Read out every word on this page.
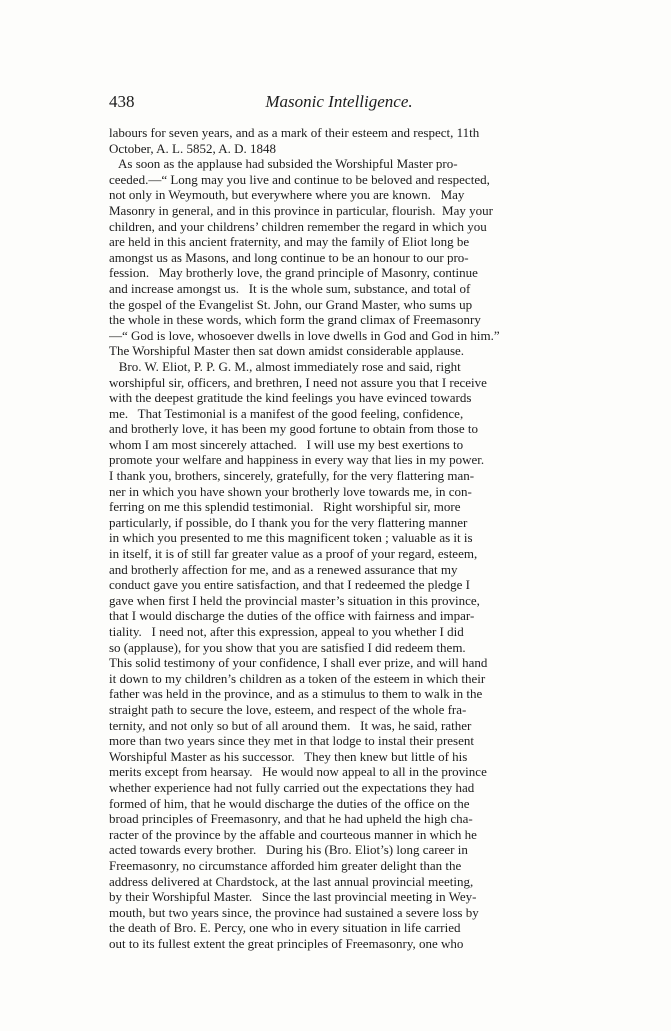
438	Masonic Intelligence.
labours for seven years, and as a mark of their esteem and respect, 11th
October, A. L. 5852, A. D. 1848
As soon as the applause had subsided the Worshipful Master pro-
ceeded.—“ Long may you live and continue to be beloved and respected,
not only in Weymouth, but everywhere where you are known.   May
Masonry in general, and in this province in particular, flourish.  May your
children, and your childrens’ children remember the regard in which you
are held in this ancient fraternity, and may the family of Eliot long be
amongst us as Masons, and long continue to be an honour to our pro-
fession.   May brotherly love, the grand principle of Masonry, continue
and increase amongst us.   It is the whole sum, substance, and total of
the gospel of the Evangelist St. John, our Grand Master, who sums up
the whole in these words, which form the grand climax of Freemasonry
—“ God is love, whosoever dwells in love dwells in God and God in him.”
The Worshipful Master then sat down amidst considerable applause.
Bro. W. Eliot, P. P. G. M., almost immediately rose and said, right
worshipful sir, officers, and brethren, I need not assure you that I receive
with the deepest gratitude the kind feelings you have evinced towards
me.   That Testimonial is a manifest of the good feeling, confidence,
and brotherly love, it has been my good fortune to obtain from those to
whom I am most sincerely attached.   I will use my best exertions to
promote your welfare and happiness in every way that lies in my power.
I thank you, brothers, sincerely, gratefully, for the very flattering man-
ner in which you have shown your brotherly love towards me, in con-
ferring on me this splendid testimonial.   Right worshipful sir, more
particularly, if possible, do I thank you for the very flattering manner
in which you presented to me this magnificent token ; valuable as it is
in itself, it is of still far greater value as a proof of your regard, esteem,
and brotherly affection for me, and as a renewed assurance that my
conduct gave you entire satisfaction, and that I redeemed the pledge I
gave when first I held the provincial master’s situation in this province,
that I would discharge the duties of the office with fairness and impar-
tiality.   I need not, after this expression, appeal to you whether I did
so (applause), for you show that you are satisfied I did redeem them.
This solid testimony of your confidence, I shall ever prize, and will hand
it down to my children’s children as a token of the esteem in which their
father was held in the province, and as a stimulus to them to walk in the
straight path to secure the love, esteem, and respect of the whole fra-
ternity, and not only so but of all around them.   It was, he said, rather
more than two years since they met in that lodge to instal their present
Worshipful Master as his successor.   They then knew but little of his
merits except from hearsay.   He would now appeal to all in the province
whether experience had not fully carried out the expectations they had
formed of him, that he would discharge the duties of the office on the
broad principles of Freemasonry, and that he had upheld the high cha-
racter of the province by the affable and courteous manner in which he
acted towards every brother.   During his (Bro. Eliot’s) long career in
Freemasonry, no circumstance afforded him greater delight than the
address delivered at Chardstock, at the last annual provincial meeting,
by their Worshipful Master.   Since the last provincial meeting in Wey-
mouth, but two years since, the province had sustained a severe loss by
the death of Bro. E. Percy, one who in every situation in life carried
out to its fullest extent the great principles of Freemasonry, one who
